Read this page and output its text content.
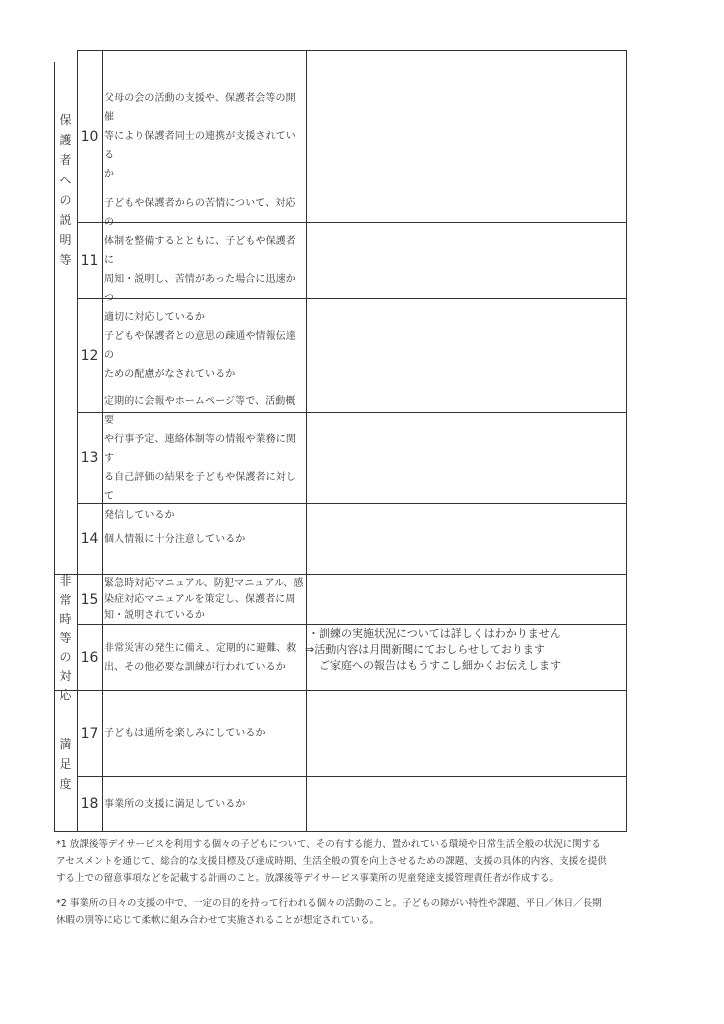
保
護
者
へ
の
説
明
等
非
常
時
等
の
対
応
満
足
度
10
父母の会の活動の支援や、保護者会等の開催
等により保護者同士の連携が支援されている
か
11
子どもや保護者からの苦情について、対応の
体制を整備するとともに、子どもや保護者に
周知・説明し、苦情があった場合に迅速かつ
適切に対応しているか
12
子どもや保護者との意思の疎通や情報伝達の
ための配慮がなされているか
13
定期的に会報やホームページ等で、活動概要
や行事予定、連絡体制等の情報や業務に関す
る自己評価の結果を子どもや保護者に対して
発信しているか
14 個人情報に十分注意しているか
15
緊急時対応マニュアル、防犯マニュアル、感
染症対応マニュアルを策定し、保護者に周
知・説明されているか
16
非常災害の発生に備え、定期的に避難、救
出、その他必要な訓練が行われているか
・訓練の実施状況については詳しくはわかりません
⇒活動内容は月間新聞にておしらせしております
　ご家庭への報告はもうすこし細かくお伝えします
17 子どもは通所を楽しみにしているか
18 事業所の支援に満足しているか
*1 放課後等デイサービスを利用する個々の子どもについて、その有する能力、置かれている環境や日常生活全般の状況に関する
アセスメントを通じて、総合的な支援目標及び達成時期、生活全般の質を向上させるための課題、支援の具体的内容、支援を提供
する上での留意事項などを記載する計画のこと。放課後等デイサービス事業所の児童発達支援管理責任者が作成する。
*2 事業所の日々の支援の中で、一定の目的を持って行われる個々の活動のこと。子どもの障がい特性や課題、平日／休日／長期
休暇の別等に応じて柔軟に組み合わせて実施されることが想定されている。
